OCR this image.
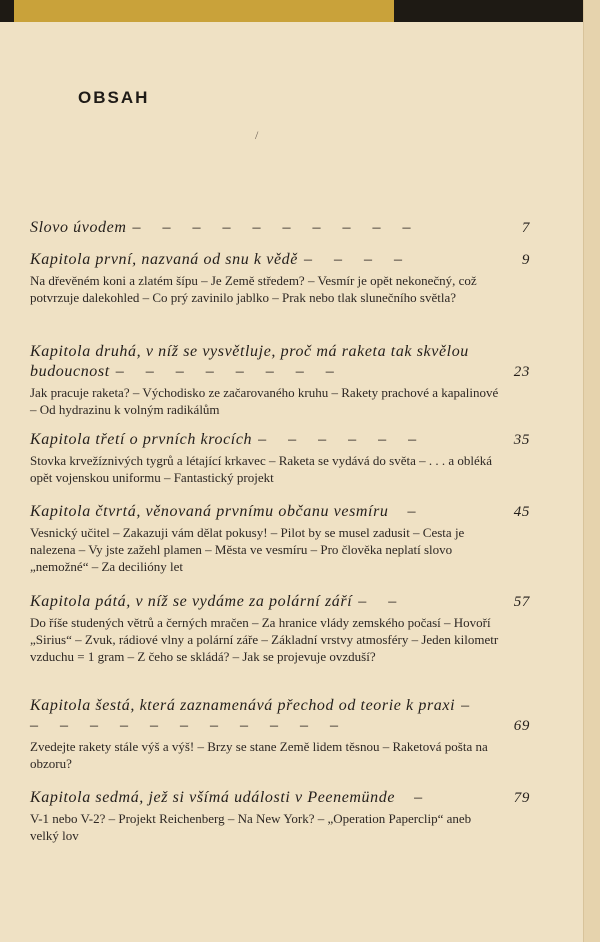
OBSAH
/
Slovo úvodem – – – – – – – – – –	7
Kapitola první, nazvaná od snu k vědě – – – –	9
Na dřevěném koni a zlatém šípu – Je Země středem? – Vesmír je opět nekonečný, což potvrzuje dalekohled – Co prý zavinilo jablko – Prak nebo tlak slunečního světla?
Kapitola druhá, v níž se vysvětluje, proč má raketa tak skvělou budoucnost – – – – – – – –	23
Jak pracuje raketa? – Východisko ze začarovaného kruhu – Rakety prachové a kapalinové – Od hydrazinu k volným radikálům
Kapitola třetí o prvních krocích – – – – – –	35
Stovka krvežíznivých tygrů a létající krkavec – Raketa se vydává do světa – . . . a obléká opět vojenskou uniformu – Fantastický projekt
Kapitola čtvrtá, věnovaná prvnímu občanu vesmíru –	45
Vesnický učitel – Zakazuji vám dělat pokusy! – Pilot by se musel zadusit – Cesta je nalezena – Vy jste zažehl plamen – Města ve vesmíru – Pro člověka neplatí slovo „nemožné“ – Za decilióny let
Kapitola pátá, v níž se vydáme za polární září – –	57
Do říše studených větrů a černých mračen – Za hranice vlády zemského počasí – Hovoří „Sirius“ – Zvuk, rádiové vlny a polární záře – Základní vrstvy atmosféry – Jeden kilometr vzduchu = 1 gram – Z čeho se skládá? – Jak se projevuje ovzduší?
Kapitola šestá, která zaznamenává přechod od teorie k praxi – – – – – – – – – – – –	69
Zvedejte rakety stále výš a výš! – Brzy se stane Země lidem těsnou – Raketová pošta na obzoru?
Kapitola sedmá, jež si všímá události v Peenemünde –	79
V-1 nebo V-2? – Projekt Reichenberg – Na New York? – „Operation Paperclip“ aneb velký lov
